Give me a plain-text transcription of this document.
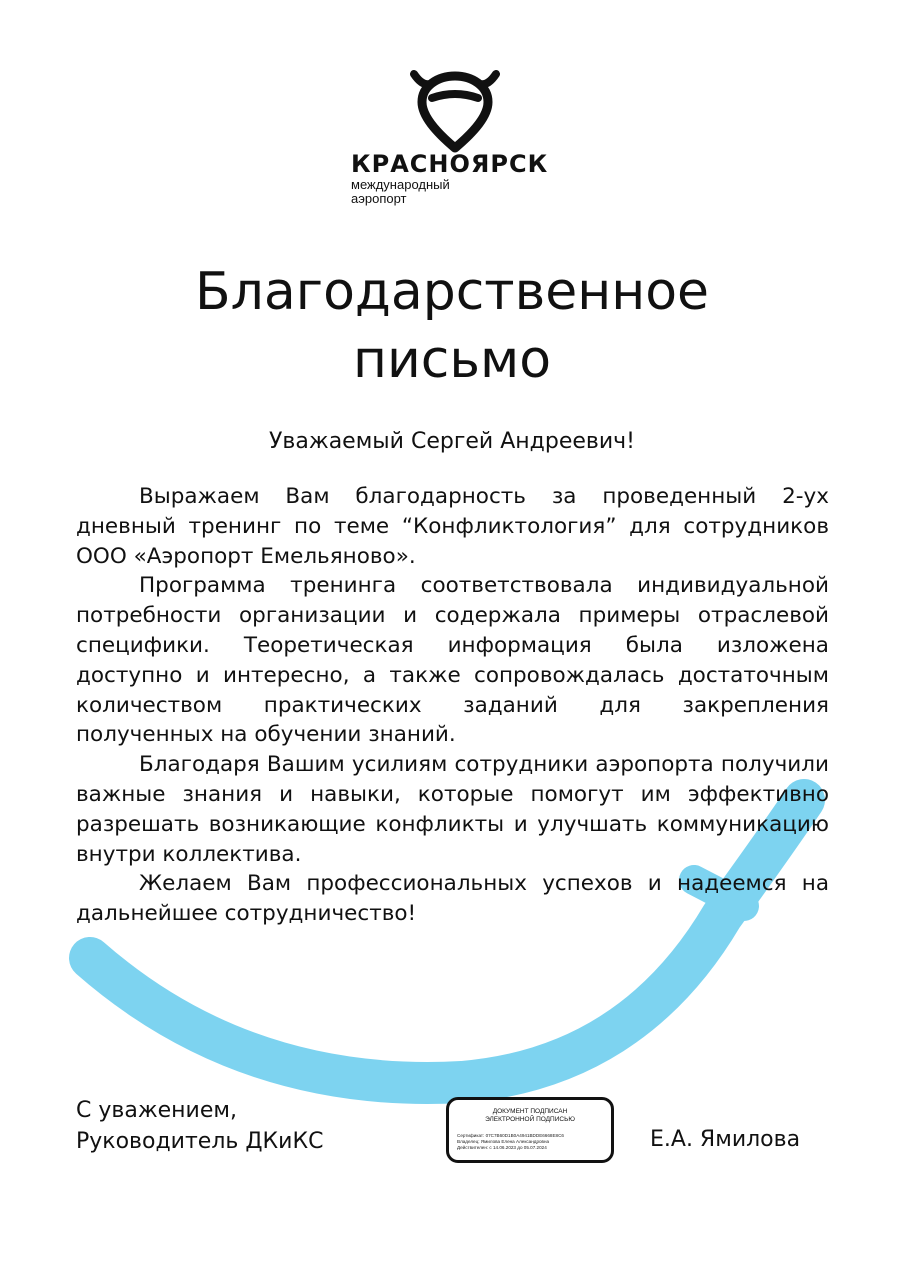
КРАСНОЯРСК
международный
аэропорт
Благодарственное
письмо
Уважаемый Сергей Андреевич!

Выражаем Вам благодарность за проведенный 2-ух дневный тренинг по теме “Конфликтология” для сотрудников ООО «Аэропорт Емельяново».

Программа тренинга соответствовала индивидуальной потребности организации и содержала примеры отраслевой специфики. Теоретическая информация была изложена доступно и интересно, а также сопровождалась достаточным количеством практических заданий для закрепления полученных на обучении знаний.

Благодаря Вашим усилиям сотрудники аэропорта получили важные знания и навыки, которые помогут им эффективно разрешать возникающие конфликты и улучшать коммуникацию внутри коллектива.

Желаем Вам профессиональных успехов и надеемся на дальнейшее сотрудничество!

С уважением,
Руководитель ДКиКС
ДОКУМЕНТ ПОДПИСАН
ЭЛЕКТРОННОЙ ПОДПИСЬЮ
Сертификат: 07C7B60D1B0A4941BDDE6668E8C6
Владелец: Ямилова Елена Александровна
Действителен: с 14.06.2023 до 05.07.2024	Е.А. Ямилова
